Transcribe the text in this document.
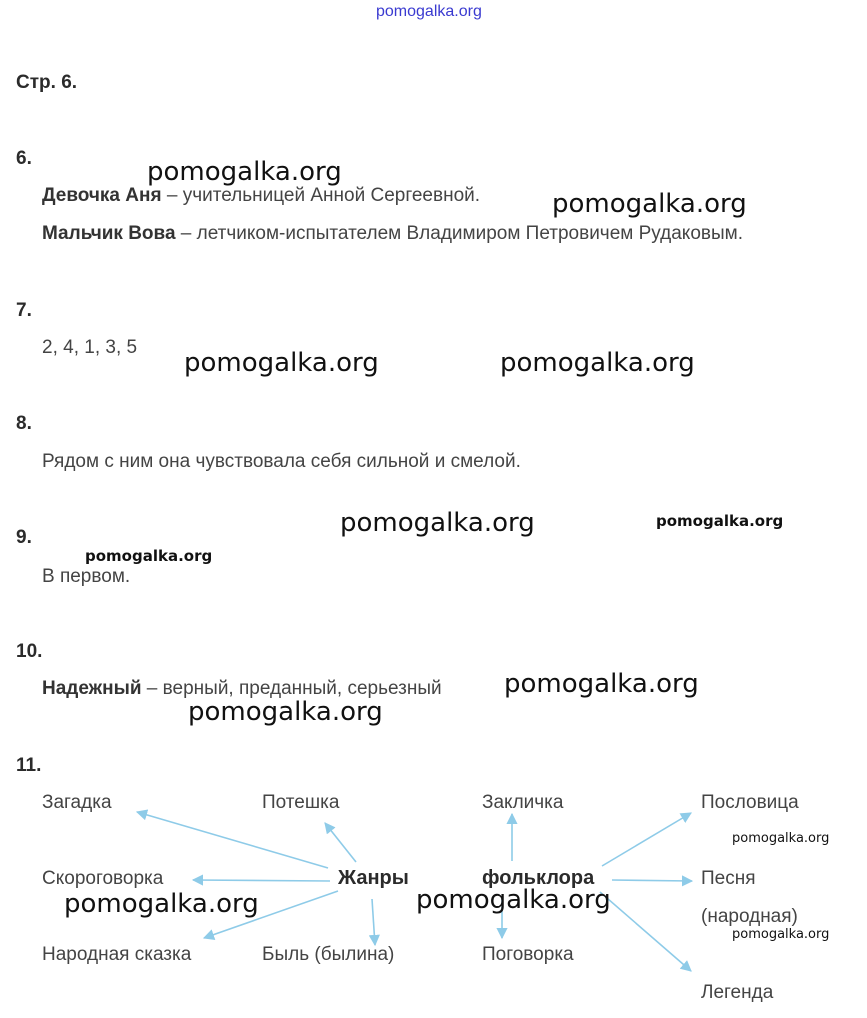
pomogalka.org
Стр. 6.
6.	pomogalka.org
Девочка Аня – учительницей Анной Сергеевной.	pomogalka.org
Мальчик Вова – летчиком-испытателем Владимиром Петровичем Рудаковым.
7.
2, 4, 1, 3, 5
pomogalka.org	pomogalka.org
8.
Рядом с ним она чувствовала себя сильной и смелой.
pomogalka.org	pomogalka.org
9.
pomogalka.org
В первом.
10.
Надежный – верный, преданный, серьезный pomogalka.org
pomogalka.org
11.
Загадка	Потешка	Закличка	Пословица
pomogalka.org
Скороговорка	Жанры	фольклора	Песня
pomogalka.org	pomogalka.org
(народная)
pomogalka.org
Народная сказка	Быль (былина)	Поговорка
Легенда
